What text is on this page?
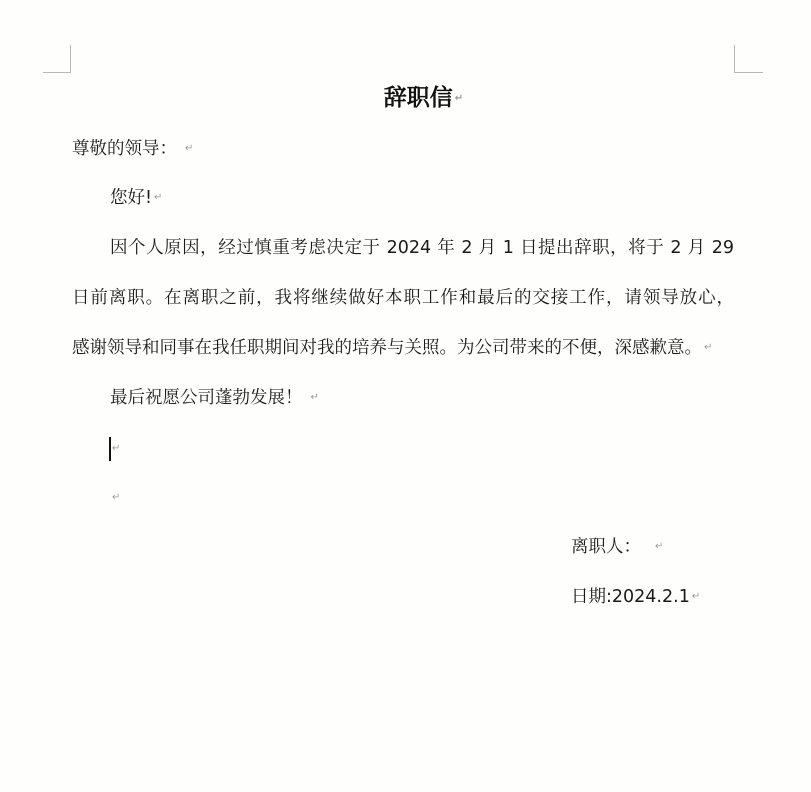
辞职信 ↵
尊敬的领导： ↵
您好! ↵
因个人原因，经过慎重考虑决定于 2024 年 2 月 1 日提出辞职，将于 2 月 29
日前离职。在离职之前，我将继续做好本职工作和最后的交接工作，请领导放心，
感谢领导和同事在我任职期间对我的培养与关照。为公司带来的不便，深感歉意。 ↵
最后祝愿公司蓬勃发展！ ↵
↵
↵
离职人： ↵
日期:2024.2.1 ↵
